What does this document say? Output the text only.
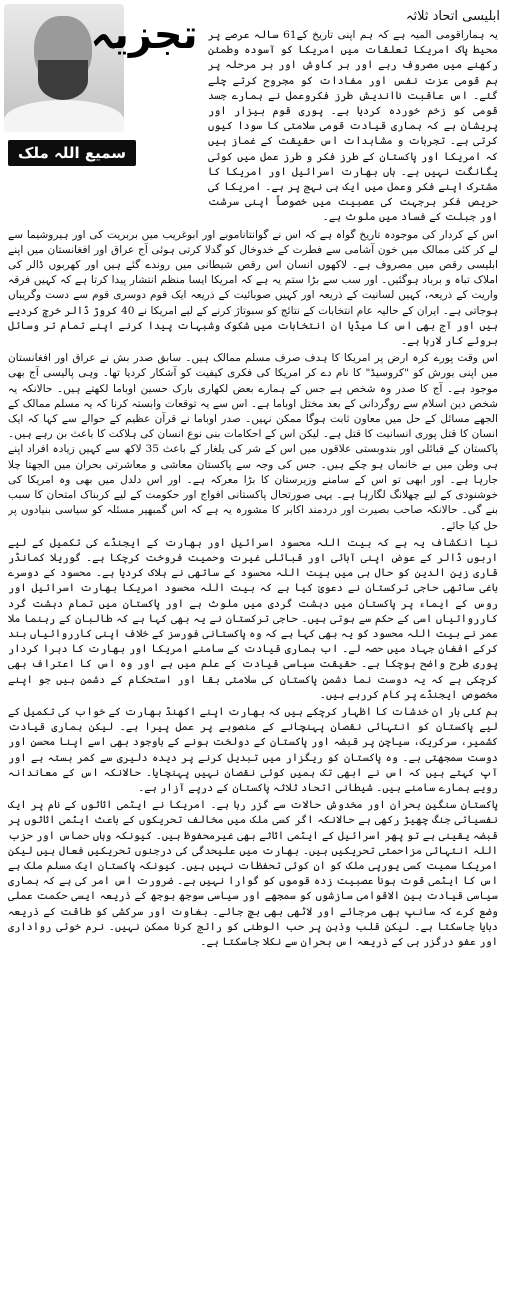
تجزیہ
سمیع اللہ ملک
ابلیسی اتحاد ثلاثہ

یہ ہماراقومی المیہ ہے کہ ہم اپنی تاریخ کے61 سالہ عرصے پر محیط پاک امریکا تعلقات میں امریکا کو آسودہ وطمئن رکھنے میں مصروف رہے اور ہر کاوش اور ہر مرحلہ پر ہم قومی عزت نفس اور مفادات کو مجروح کرتے چلے گئے۔ اس عاقبت نااندیش طرز فکروعمل نے ہمارے جسد قومی کو زخم خوردہ کردیا ہے۔ پوری قوم بیزار اور پریشان ہے کہ ہماری قیادت قومی سلامتی کا سودا کیوں کرتی ہے۔ تجربات و مشاہدات اس حقیقت کے غماز ہیں کہ امریکا اور پاکستان کے طرز فکر و طرز عمل میں کوئی یگانگت نہیں ہے۔ ہاں بھارت اسرائیل اور امریکا کا مشترک اپنے فکر وعمل میں ایک ہی نہج پر ہے۔ امریکا کی حریص فکر ہرجہت کی عصبیت میں خصوصاً اپنی سرشت اور جبلت کے فساد میں ملوث ہے۔

اس کے کردار کی موجودہ تاریخ گواہ ہے کہ اس نے گوانتاناموبے اور ابوغریب میں بربریت کی اور ہیروشیما سے لے کر کئی ممالک میں خون آشامی سے فطرت کے خدوخال کو گدلا کرتی ہوئی آج عراق اور افغانستان میں اپنے ابلیسی رقص میں مصروف ہے۔ لاکھوں انسان اس رقص شیطانی میں روندے گئے ہیں اور کھربوں ڈالر کی املاک تباہ و برباد ہوگئیں۔ اور سب سے بڑا ستم یہ ہے کہ امریکا ایسا منظم انتشار پیدا کرتا ہے کہ کہیں فرقہ واریت کے ذریعہ، کہیں لسانیت کے ذریعہ اور کہیں صوبائیت کے ذریعہ ایک قوم دوسری قوم سے دست وگریباں ہوجاتی ہے۔ ایران کے حالیہ عام انتخابات کے نتائج کو سبوتاژ کرنے کے لیے امریکا نے 40 کروڑ ڈالر خرچ کردیے ہیں اور آج بھی اس کا میڈیا ان انتخابات میں شکوک وشبہات پیدا کرنے اپنے تمام تر وسائل بروئے کار لارہا ہے۔

اس وقت پورے کرہ ارض پر امریکا کا ہدف صرف مسلم ممالک ہیں۔ سابق صدر بش نے عراق اور افغانستان میں اپنی یورش کو "کروسیڈ" کا نام دے کر امریکا کی فکری کیفیت کو آشکار کردیا تھا۔ وہی پالیسی آج بھی موجود ہے۔ آج کا صدر وہ شخص ہے جس کے ہمارے بعض لکھاری بارک حسین اوباما لکھتے ہیں۔ حالانکہ یہ شخص دین اسلام سے روگردانی کے بعد مختل اوباما ہے۔ اس سے یہ توقعات وابستہ کرنا کہ یہ مسلم ممالک کے الجھے مسائل کے حل میں معاون ثابت ہوگا ممکن نہیں۔ صدر اوباما نے قرآن عظیم کے حوالے سے کہا کہ ایک انسان کا قتل پوری انسانیت کا قتل ہے۔ لیکن اس کے احکامات بنی نوع انسان کی ہلاکت کا باعث بن رہے ہیں۔ پاکستان کے قبائلی اور بندوبستی علاقوں میں اس کے شر کی یلغار کے باعث 35 لاکھ سے کہیں زیادہ افراد اپنے ہی وطن میں بے خانماں ہو چکے ہیں۔ جس کی وجہ سے پاکستان معاشی و معاشرتی بحران میں الجھتا چلا جارہا ہے۔ اور ابھی تو اس کے سامنے وزیرستان کا بڑا معرکہ ہے۔ اور اس دلدل میں بھی وہ امریکا کی خوشنودی کے لیے چھلانگ لگارہا ہے۔ یہی صورتحال پاکستانی افواج اور حکومت کے لیے کربناک امتحان کا سبب بنے گی۔ حالانکہ صاحب بصیرت اور دردمند اکابر کا مشورہ یہ ہے کہ اس گمبھیر مسئلہ کو سیاسی بنیادوں پر حل کیا جائے۔

نیا انکشاف یہ ہے کہ بیت اللہ محسود اسرائیل اور بھارت کے ایجنڈے کی تکمیل کے لیے اربوں ڈالر کے عوض اپنی آبائی اور قبائلی غیرت وحمیت فروخت کرچکا ہے۔ گوریلا کمانڈر قاری زین الدین کو حال ہی میں بیت اللہ محسود کے ساتھی نے ہلاک کردیا ہے۔ محسود کے دوسرے باغی ساتھی حاجی ترکستان نے دعویٰ کیا ہے کہ بیت اللہ محسود امریکا بھارت اسرائیل اور روس کے ایماء پر پاکستان میں دہشت گردی میں ملوث ہے اور پاکستان میں تمام دہشت گرد کارروائیاں اسی کے حکم سے ہوتی ہیں۔ حاجی ترکستان نے یہ بھی کہا ہے کہ طالبان کے رہنما ملا عمر نے بیت اللہ محسود کو یہ بھی کہا ہے کہ وہ پاکستانی فورسز کے خلاف اپنی کارروائیاں بند کرکے افغان جہاد میں حصہ لے۔ اب ہماری قیادت کے سامنے امریکا اور بھارت کا دہرا کردار پوری طرح واضح ہوچکا ہے۔ حقیقت سیاسی قیادت کے علم میں ہے اور وہ اس کا اعتراف بھی کرچکی ہے کہ یہ دوست نما دشمن پاکستان کی سلامتی بقا اور استحکام کے دشمن ہیں جو اپنے مخصوص ایجنڈے پر کام کررہے ہیں۔

ہم کئی بار ان خدشات کا اظہار کرچکے ہیں کہ بھارت اپنے اکھنڈ بھارت کے خواب کی تکمیل کے لیے پاکستان کو انتہائی نقصان پہنچانے کے منصوبے پر عمل پیرا ہے۔ لیکن ہماری قیادت کشمیر، سرکریک، سیاچن پر قبضہ اور پاکستان کے دولخت ہونے کے باوجود بھی اسے اپنا محسن اور دوست سمجھتی ہے۔ وہ پاکستان کو ریگزار میں تبدیل کرنے پر دیدہ دلیری سے کمر بستہ ہے اور آپ کہتے ہیں کہ اس نے ابھی تک ہمیں کوئی نقصان نہیں پہنچایا۔ حالانکہ اس کے معاندانہ رویے ہمارے سامنے ہیں۔ شیطانی اتحاد ثلاثہ پاکستان کے درپے آزار ہے۔

پاکستان سنگین بحران اور مخدوش حالات سے گزر رہا ہے۔ امریکا نے ایٹمی اثاثوں کے نام پر ایک نفسیاتی جنگ چھیڑ رکھی ہے حالانکہ اگر کسی ملک میں مخالف تحریکوں کے باعث ایٹمی اثاثوں پر قبضہ یقینی ہے تو پھر اسرائیل کے ایٹمی اثاثے بھی غیرمحفوظ ہیں۔ کیونکہ وہاں حماس اور حزب اللہ انتہائی مزاحمتی تحریکیں ہیں۔ بھارت میں علیحدگی کی درجنوں تحریکیں فعال ہیں لیکن امریکا سمیت کسی یورپی ملک کو ان کوئی تحفظات نہیں ہیں۔ کیونکہ پاکستان ایک مسلم ملک ہے اس کا ایٹمی قوت ہونا عصبیت زدہ قوموں کو گوارا نہیں ہے۔ ضرورت اس امر کی ہے کہ ہماری سیاسی قیادت بین الاقوامی سازشوں کو سمجھے اور سیاسی سوجھ بوجھ کے ذریعہ ایسی حکمت عملی وضع کرے کہ سانپ بھی مرجائے اور لاٹھی بھی بچ جائے۔ بغاوت اور سرکشی کو طاقت کے ذریعہ دبایا جاسکتا ہے۔ لیکن قلب وذہن پر حب الوطنی کو رائج کرنا ممکن نہیں۔ نرم خوئی رواداری اور عفو درگزر ہی کے ذریعہ اس بحران سے نکلا جاسکتا ہے۔
